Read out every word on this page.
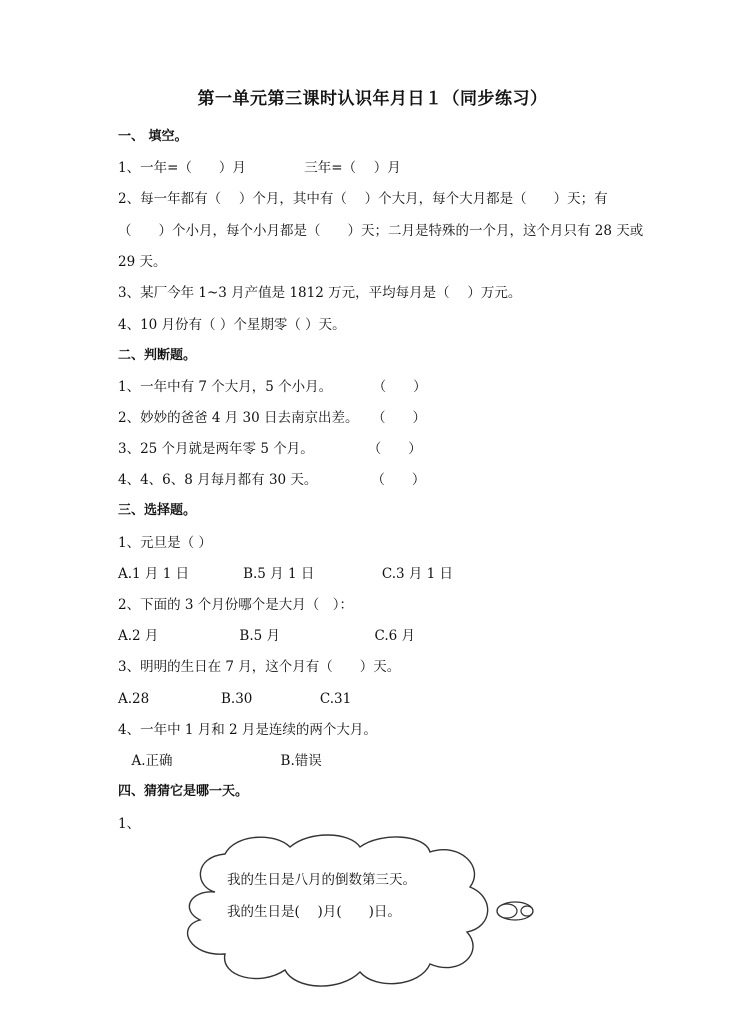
第一单元第三课时认识年月日１（同步练习）
一、 填空。
1、一年=（　　）月　　　　 三年=（　 ）月
2、每一年都有（　 ）个月，其中有（　 ）个大月，每个大月都是（　　）天；有
（　　）个小月，每个小月都是（　　）天；二月是特殊的一个月，这个月只有 28 天或
29 天。
3、某厂今年 1~3 月产值是 1812 万元，平均每月是（　 ）万元。
4、10 月份有（ ）个星期零（ ）天。
二、判断题。
1、一年中有 7 个大月，5 个小月。　　　　（　　）
2、妙妙的爸爸 4 月 30 日去南京出差。　　（　　）
3、25 个月就是两年零 5 个月。　　　　　（　　）
4、4、6、8 月每月都有 30 天。　　　　　（　　）
三、选择题。
1、元旦是（ ）
A.1 月 1 日　　　　B.5 月 1 日　　　　　C.3 月 1 日
2、下面的 3 个月份哪个是大月（　）：
A.2 月　　　　　　B.5 月　　　　　　　C.6 月
3、明明的生日在 7 月，这个月有（　　）天。
A.28　　　　　 B.30　　　　　C.31
4、一年中 1 月和 2 月是连续的两个大月。
　A.正确　　　　　　　　B.错误
四、猜猜它是哪一天。
1、
我的生日是八月的倒数第三天。
我的生日是(　 )月(　　)日。
